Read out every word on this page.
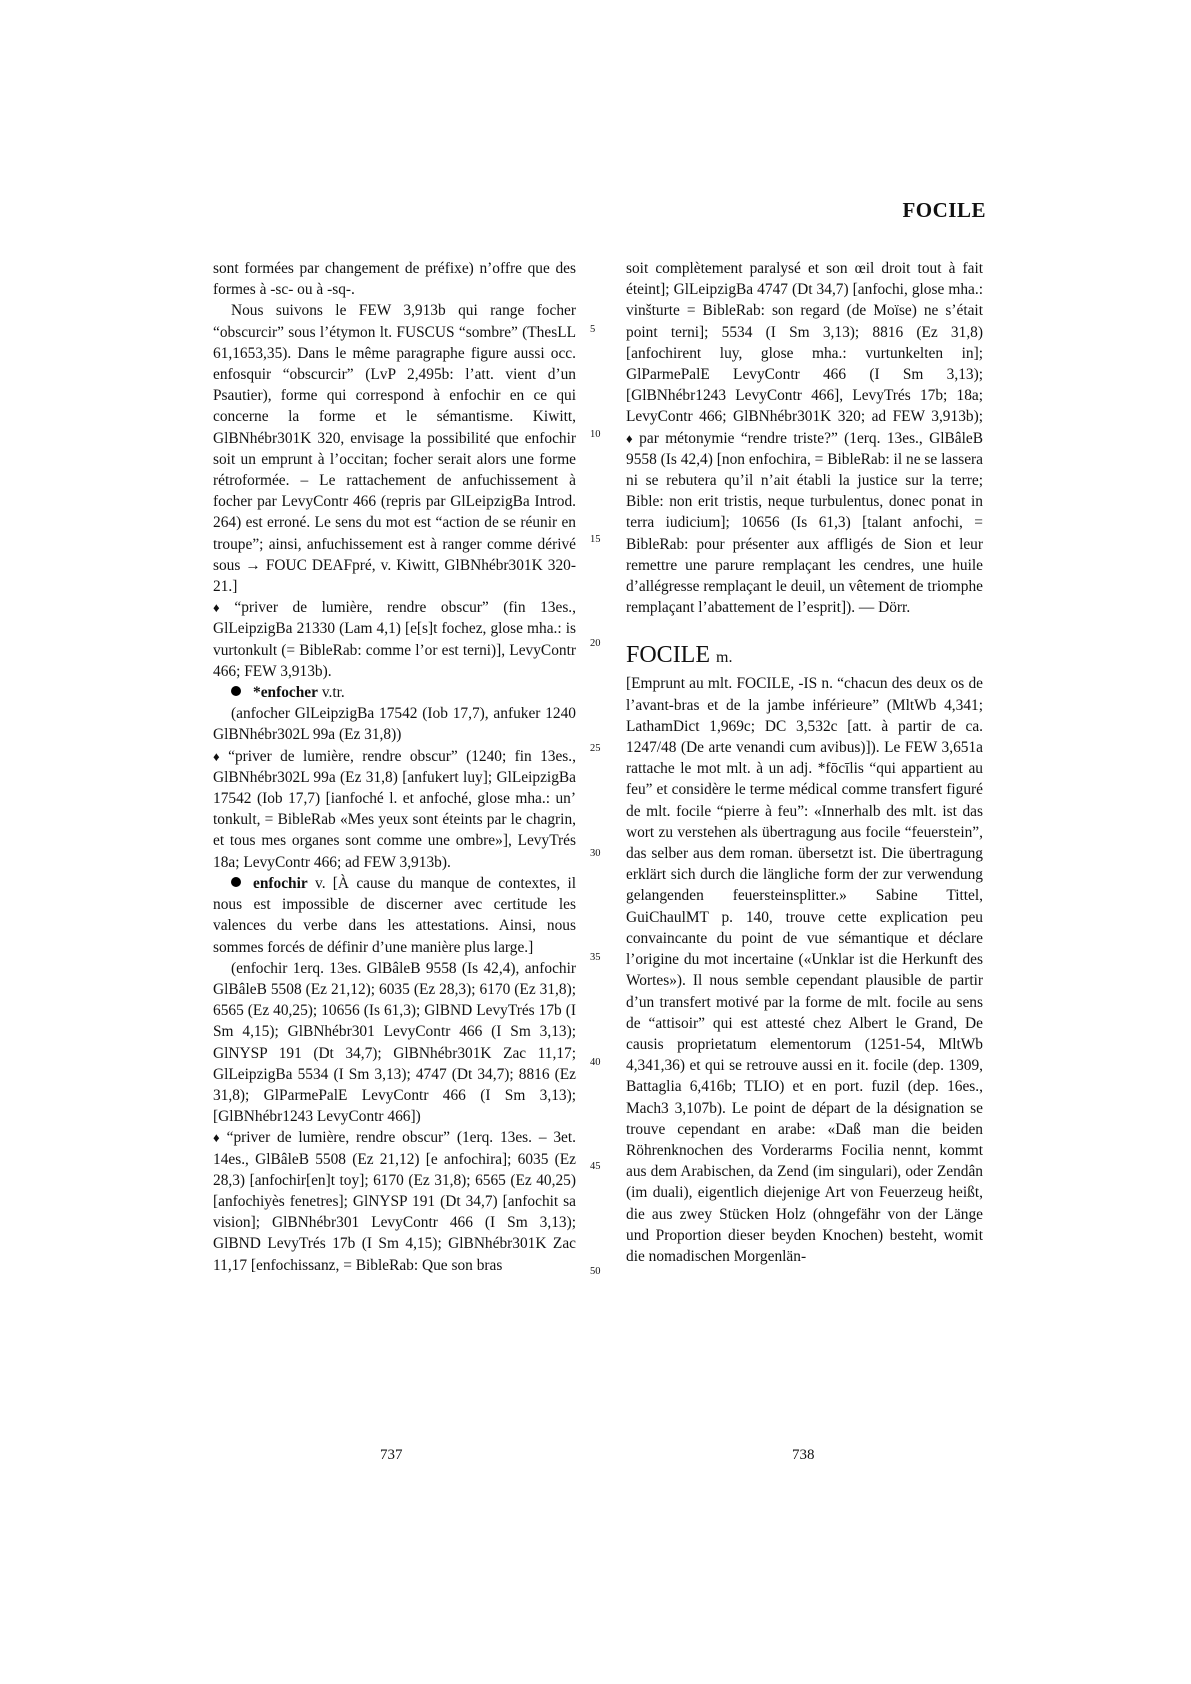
FOCILE

sont formées par changement de préfixe) n’offre que des formes à -sc- ou à -sq-.

Nous suivons le FEW 3,913b qui range focher “obscurcir” sous l’étymon lt. FUSCUS “sombre” (ThesLL 61,1653,35). Dans le même paragraphe figure aussi occ. enfosquir “obscurcir” (LvP 2,495b: l’att. vient d’un Psautier), forme qui correspond à enfochir en ce qui concerne la forme et le sémantisme. Kiwitt, GlBNhébr301K 320, envisage la possibilité que enfochir soit un emprunt à l’occitan; focher serait alors une forme rétroformée. – Le rattachement de anfuchissement à focher par LevyContr 466 (repris par GlLeipzigBa Introd. 264) est erroné. Le sens du mot est “action de se réunir en troupe”; ainsi, anfuchissement est à ranger comme dérivé sous → FOUC DEAFpré, v. Kiwitt, GlBNhébr301K 320-21.]

♦ “priver de lumière, rendre obscur” (fin 13es., GlLeipzigBa 21330 (Lam 4,1) [e[s]t fochez, glose mha.: is vurtonkult (= BibleRab: comme l’or est terni)], LevyContr 466; FEW 3,913b).

*enfocher v.tr.

(anfocher GlLeipzigBa 17542 (Iob 17,7), anfuker 1240 GlBNhébr302L 99a (Ez 31,8))

♦ “priver de lumière, rendre obscur” (1240; fin 13es., GlBNhébr302L 99a (Ez 31,8) [anfukert luy]; GlLeipzigBa 17542 (Iob 17,7) [ianfoché l. et anfoché, glose mha.: un’ tonkult, = BibleRab «Mes yeux sont éteints par le chagrin, et tous mes organes sont comme une ombre»], LevyTrés 18a; LevyContr 466; ad FEW 3,913b).

enfochir v. [À cause du manque de contextes, il nous est impossible de discerner avec certitude les valences du verbe dans les attestations. Ainsi, nous sommes forcés de définir d’une manière plus large.]

(enfochir 1erq. 13es. GlBâleB 9558 (Is 42,4), anfochir GlBâleB 5508 (Ez 21,12); 6035 (Ez 28,3); 6170 (Ez 31,8); 6565 (Ez 40,25); 10656 (Is 61,3); GlBND LevyTrés 17b (I Sm 4,15); GlBNhébr301 LevyContr 466 (I Sm 3,13); GlNYSP 191 (Dt 34,7); GlBNhébr301K Zac 11,17; GlLeipzigBa 5534 (I Sm 3,13); 4747 (Dt 34,7); 8816 (Ez 31,8); GlParmePalE LevyContr 466 (I Sm 3,13); [GlBNhébr1243 LevyContr 466])

♦ “priver de lumière, rendre obscur” (1erq. 13es. – 3et. 14es., GlBâleB 5508 (Ez 21,12) [e anfochira]; 6035 (Ez 28,3) [anfochir[en]t toy]; 6170 (Ez 31,8); 6565 (Ez 40,25) [anfochiyès fenetres]; GlNYSP 191 (Dt 34,7) [anfochit sa vision]; GlBNhébr301 LevyContr 466 (I Sm 3,13); GlBND LevyTrés 17b (I Sm 4,15); GlBNhébr301K Zac 11,17 [enfochissanz, = BibleRab: Que son bras

5
10
15
20
25
30
35
40
45
50

soit complètement paralysé et son œil droit tout à fait éteint]; GlLeipzigBa 4747 (Dt 34,7) [anfochi, glose mha.: vinšturte = BibleRab: son regard (de Moïse) ne s’était point terni]; 5534 (I Sm 3,13); 8816 (Ez 31,8) [anfochirent luy, glose mha.: vurtunkelten in]; GlParmePalE LevyContr 466 (I Sm 3,13); [GlBNhébr1243 LevyContr 466], LevyTrés 17b; 18a; LevyContr 466; GlBNhébr301K 320; ad FEW 3,913b); ♦ par métonymie “rendre triste?” (1erq. 13es., GlBâleB 9558 (Is 42,4) [non enfochira, = BibleRab: il ne se lassera ni se rebutera qu’il n’ait établi la justice sur la terre; Bible: non erit tristis, neque turbulentus, donec ponat in terra iudicium]; 10656 (Is 61,3) [talant anfochi, = BibleRab: pour présenter aux affligés de Sion et leur remettre une parure remplaçant les cendres, une huile d’allégresse remplaçant le deuil, un vêtement de triomphe remplaçant l’abattement de l’esprit]). — Dörr.

FOCILE m.

[Emprunt au mlt. FOCILE, -IS n. “chacun des deux os de l’avant-bras et de la jambe inférieure” (MltWb 4,341; LathamDict 1,969c; DC 3,532c [att. à partir de ca. 1247/48 (De arte venandi cum avibus)]). Le FEW 3,651a rattache le mot mlt. à un adj. *fōcīlis “qui appartient au feu” et considère le terme médical comme transfert figuré de mlt. focile “pierre à feu”: «Innerhalb des mlt. ist das wort zu verstehen als übertragung aus focile “feuerstein”, das selber aus dem roman. übersetzt ist. Die übertragung erklärt sich durch die längliche form der zur verwendung gelangenden feuersteinsplitter.» Sabine Tittel, GuiChaulMT p. 140, trouve cette explication peu convaincante du point de vue sémantique et déclare l’origine du mot incertaine («Unklar ist die Herkunft des Wortes»). Il nous semble cependant plausible de partir d’un transfert motivé par la forme de mlt. focile au sens de “attisoir” qui est attesté chez Albert le Grand, De causis proprietatum elementorum (1251-54, MltWb 4,341,36) et qui se retrouve aussi en it. focile (dep. 1309, Battaglia 6,416b; TLIO) et en port. fuzil (dep. 16es., Mach3 3,107b). Le point de départ de la désignation se trouve cependant en arabe: «Daß man die beiden Röhrenknochen des Vorderarms Focilia nennt, kommt aus dem Arabischen, da Zend (im singulari), oder Zendân (im duali), eigentlich diejenige Art von Feuerzeug heißt, die aus zwey Stücken Holz (ohngefähr von der Länge und Proportion dieser beyden Knochen) besteht, womit die nomadischen Morgenlän-

737	738
